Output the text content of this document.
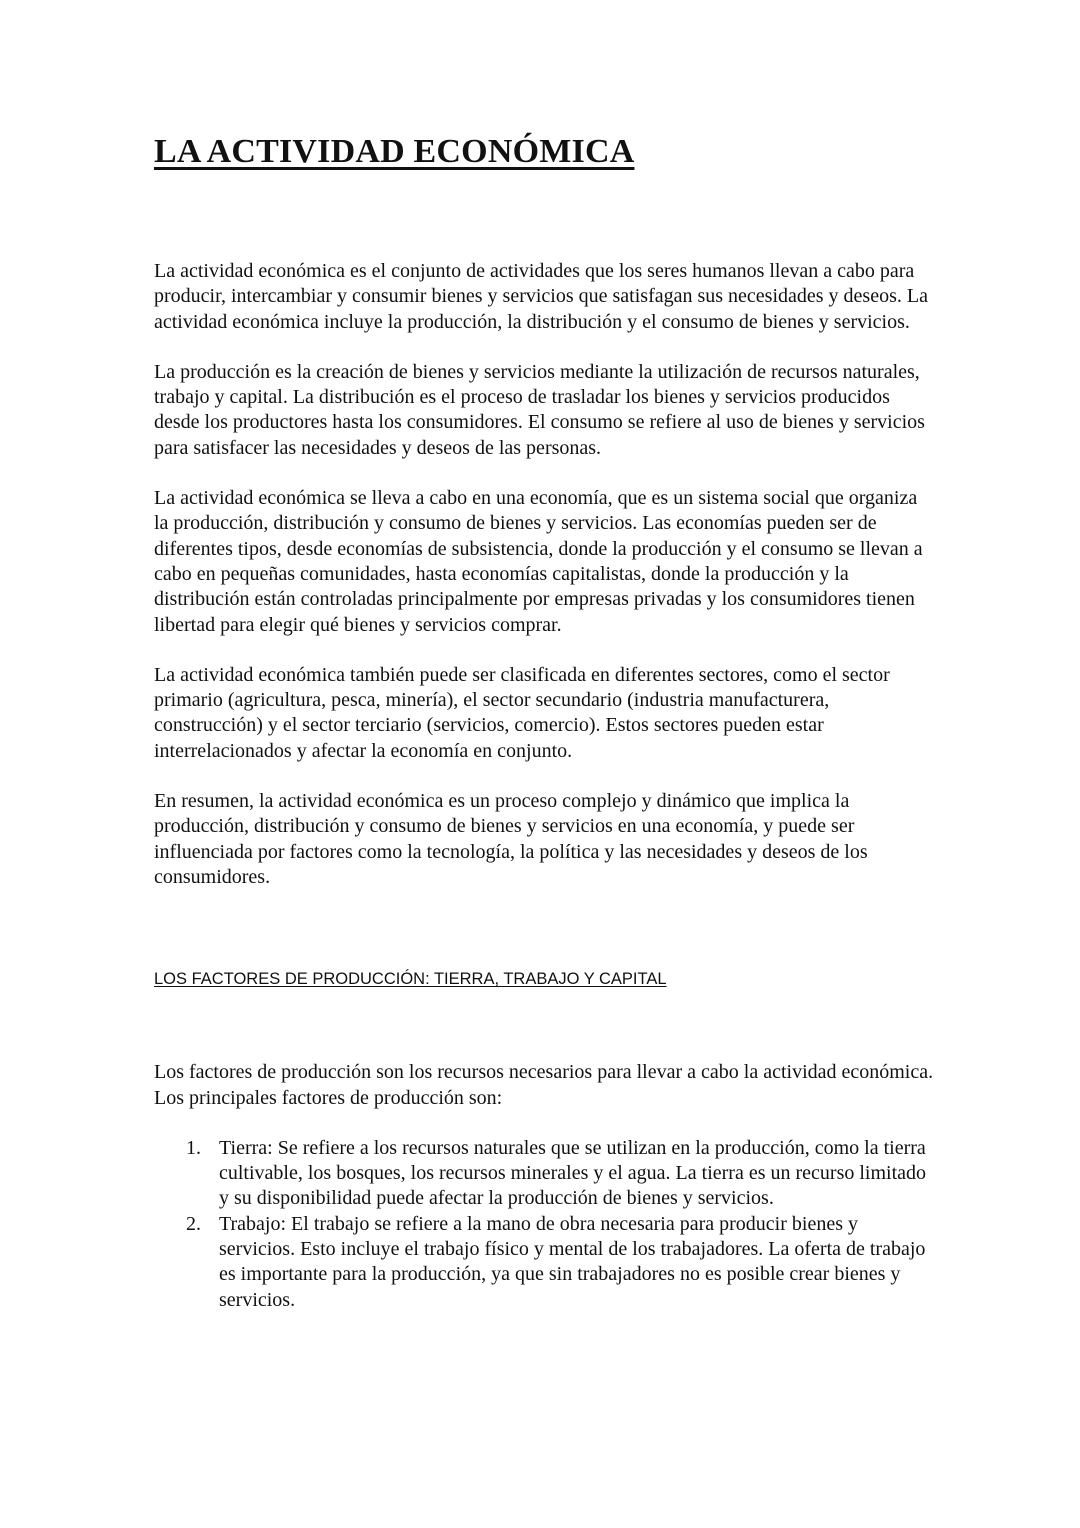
LA ACTIVIDAD ECONÓMICA

La actividad económica es el conjunto de actividades que los seres humanos llevan a cabo para producir, intercambiar y consumir bienes y servicios que satisfagan sus necesidades y deseos. La actividad económica incluye la producción, la distribución y el consumo de bienes y servicios.

La producción es la creación de bienes y servicios mediante la utilización de recursos naturales, trabajo y capital. La distribución es el proceso de trasladar los bienes y servicios producidos desde los productores hasta los consumidores. El consumo se refiere al uso de bienes y servicios para satisfacer las necesidades y deseos de las personas.

La actividad económica se lleva a cabo en una economía, que es un sistema social que organiza la producción, distribución y consumo de bienes y servicios. Las economías pueden ser de diferentes tipos, desde economías de subsistencia, donde la producción y el consumo se llevan a cabo en pequeñas comunidades, hasta economías capitalistas, donde la producción y la distribución están controladas principalmente por empresas privadas y los consumidores tienen libertad para elegir qué bienes y servicios comprar.

La actividad económica también puede ser clasificada en diferentes sectores, como el sector primario (agricultura, pesca, minería), el sector secundario (industria manufacturera, construcción) y el sector terciario (servicios, comercio). Estos sectores pueden estar interrelacionados y afectar la economía en conjunto.

En resumen, la actividad económica es un proceso complejo y dinámico que implica la producción, distribución y consumo de bienes y servicios en una economía, y puede ser influenciada por factores como la tecnología, la política y las necesidades y deseos de los consumidores.

LOS FACTORES DE PRODUCCIÓN: TIERRA, TRABAJO Y CAPITAL

Los factores de producción son los recursos necesarios para llevar a cabo la actividad económica. Los principales factores de producción son:

1. Tierra: Se refiere a los recursos naturales que se utilizan en la producción, como la tierra cultivable, los bosques, los recursos minerales y el agua. La tierra es un recurso limitado y su disponibilidad puede afectar la producción de bienes y servicios.
2. Trabajo: El trabajo se refiere a la mano de obra necesaria para producir bienes y servicios. Esto incluye el trabajo físico y mental de los trabajadores. La oferta de trabajo es importante para la producción, ya que sin trabajadores no es posible crear bienes y servicios.
